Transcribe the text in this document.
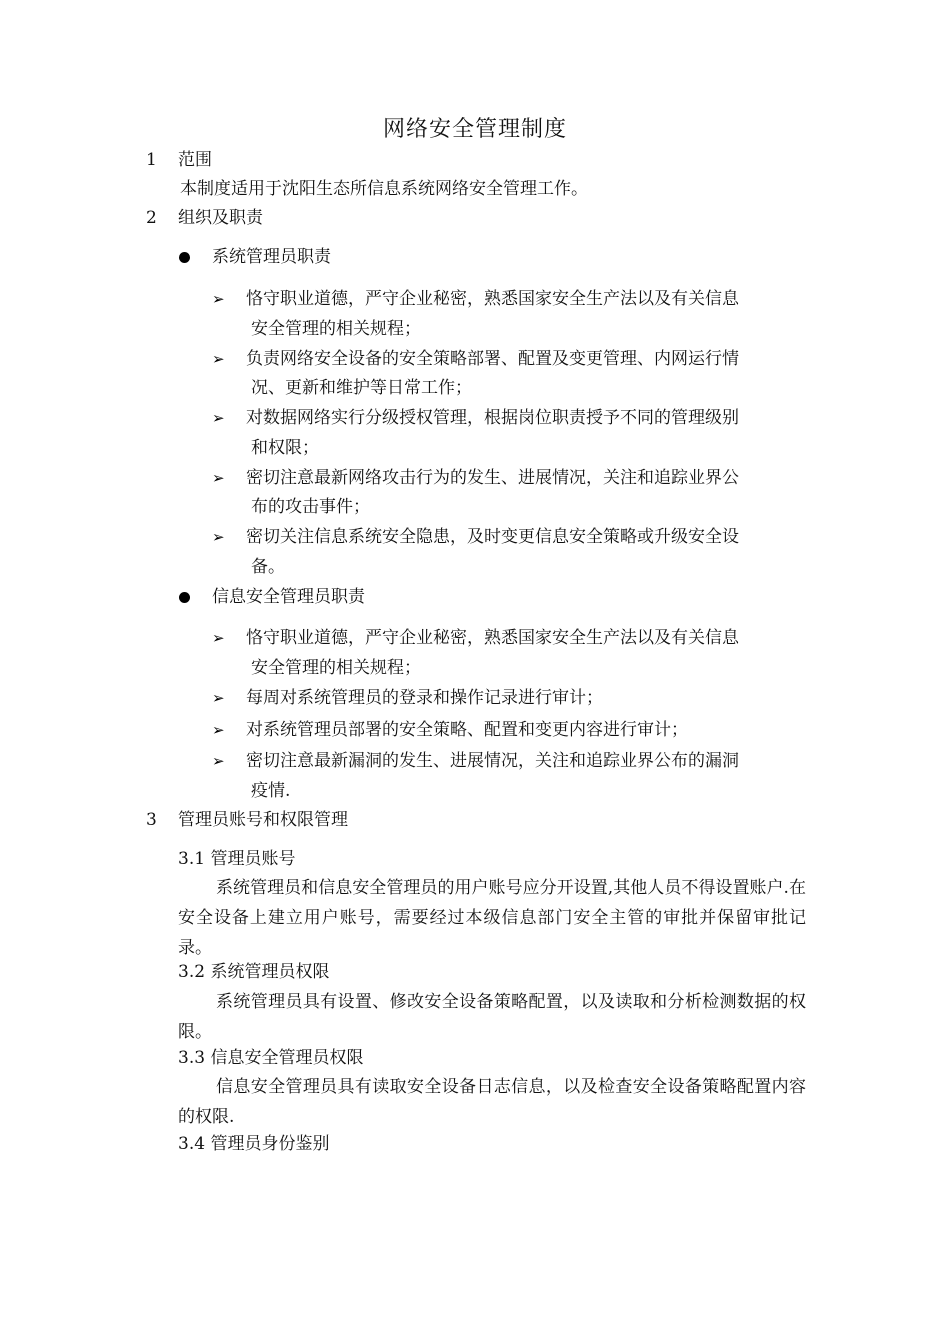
网络安全管理制度
1 范围
本制度适用于沈阳生态所信息系统网络安全管理工作。
2 组织及职责
系统管理员职责
➢ 恪守职业道德，严守企业秘密，熟悉国家安全生产法以及有关信息
安全管理的相关规程；
➢ 负责网络安全设备的安全策略部署、配置及变更管理、内网运行情
况、更新和维护等日常工作；
➢ 对数据网络实行分级授权管理，根据岗位职责授予不同的管理级别
和权限；
➢ 密切注意最新网络攻击行为的发生、进展情况，关注和追踪业界公
布的攻击事件；
➢ 密切关注信息系统安全隐患，及时变更信息安全策略或升级安全设
备。
信息安全管理员职责
➢ 恪守职业道德，严守企业秘密，熟悉国家安全生产法以及有关信息
安全管理的相关规程；
➢ 每周对系统管理员的登录和操作记录进行审计；
➢ 对系统管理员部署的安全策略、配置和变更内容进行审计；
➢ 密切注意最新漏洞的发生、进展情况，关注和追踪业界公布的漏洞
疫情.
3 管理员账号和权限管理
3.1 管理员账号
系统管理员和信息安全管理员的用户账号应分开设置,其他人员不得设置账户.在安全设备上建立用户账号，需要经过本级信息部门安全主管的审批并保留审批记录。
3.2 系统管理员权限
系统管理员具有设置、修改安全设备策略配置，以及读取和分析检测数据的权限。
3.3 信息安全管理员权限
信息安全管理员具有读取安全设备日志信息，以及检查安全设备策略配置内容的权限.
3.4 管理员身份鉴别
